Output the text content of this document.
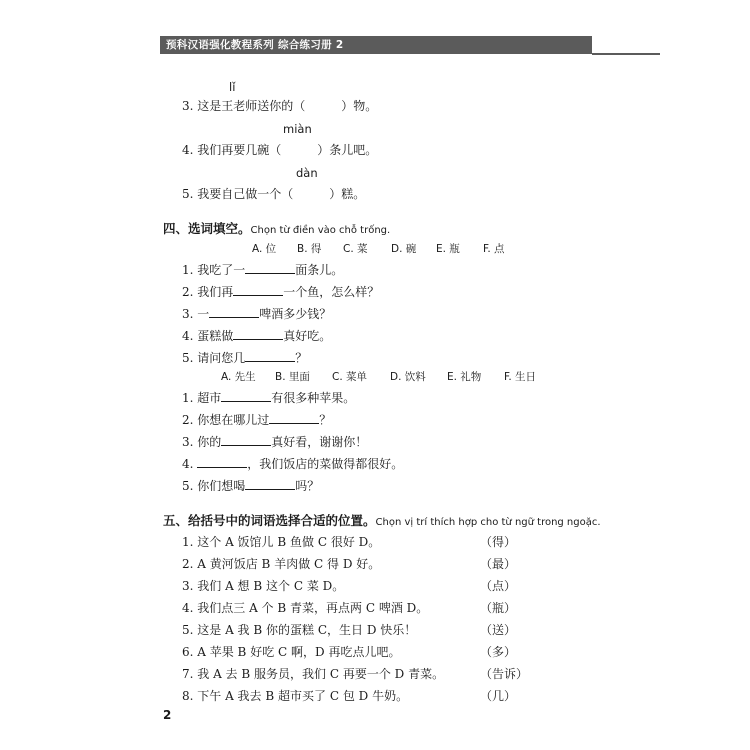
预科汉语强化教程系列 综合练习册 2
lǐ
3. 这是王老师送你的（	）物。
miàn
4. 我们再要几碗（	）条儿吧。
dàn
5. 我要自己做一个（	）糕。
四、选词填空。Chọn từ điền vào chỗ trống.
A. 位 B. 得 C. 菜 D. 碗 E. 瓶 F. 点
1. 我吃了一	面条儿。
2. 我们再	一个鱼，怎么样？
3. 一	啤酒多少钱？
4. 蛋糕做	真好吃。
5. 请问您几	？
A. 先生 B. 里面 C. 菜单 D. 饮料 E. 礼物 F. 生日
1. 超市	有很多种苹果。
2. 你想在哪儿过	？
3. 你的	真好看，谢谢你！
4.	，我们饭店的菜做得都很好。
5. 你们想喝	吗？
五、给括号中的词语选择合适的位置。Chọn vị trí thích hợp cho từ ngữ trong ngoặc.
1. 这个 A 饭馆儿 B 鱼做 C 很好 D。	（得）
2. A 黄河饭店 B 羊肉做 C 得 D 好。	（最）
3. 我们 A 想 B 这个 C 菜 D。	（点）
4. 我们点三 A 个 B 青菜，再点两 C 啤酒 D。	（瓶）
5. 这是 A 我 B 你的蛋糕 C，生日 D 快乐！	（送）
6. A 苹果 B 好吃 C 啊，D 再吃点儿吧。	（多）
7. 我 A 去 B 服务员，我们 C 再要一个 D 青菜。	（告诉）
8. 下午 A 我去 B 超市买了 C 包 D 牛奶。	（几）
2
